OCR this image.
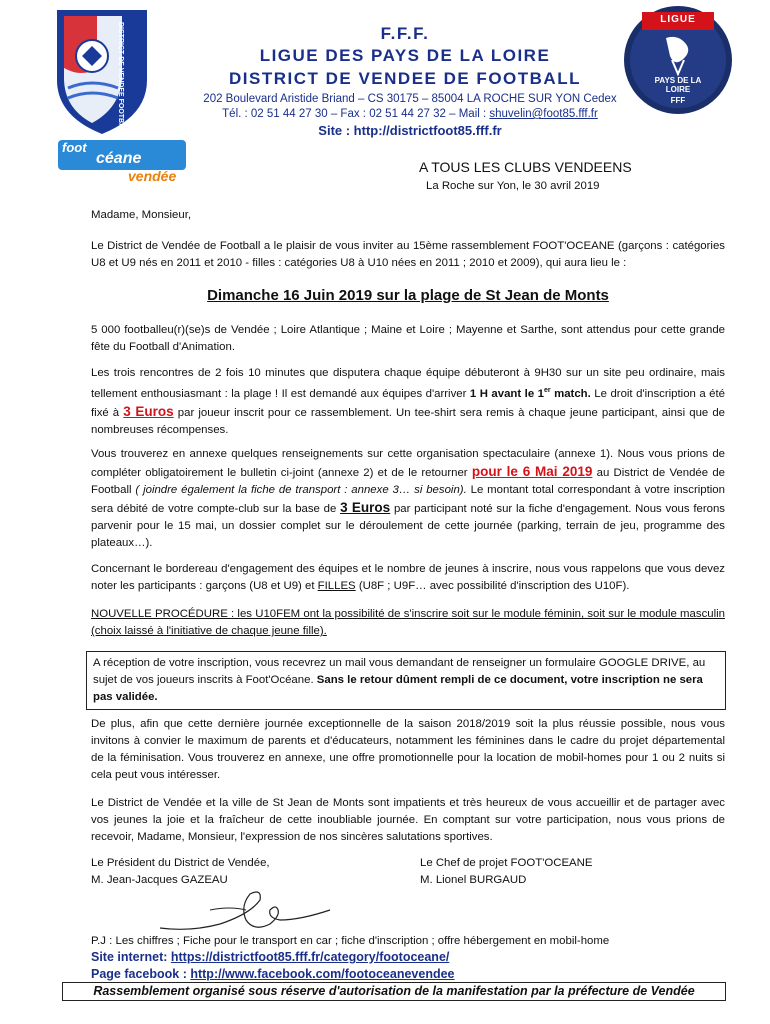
DISTRICT DE VENDEE FOOTBALL
LIGUE
PAYS DE LA LOIRE
FFF
foot
céane
vendée
F.F.F.
LIGUE DES PAYS DE LA LOIRE
DISTRICT DE VENDEE DE FOOTBALL
202 Boulevard Aristide Briand – CS 30175 – 85004 LA ROCHE SUR YON Cedex
Tél. : 02 51 44 27 30 – Fax : 02 51 44 27 32 – Mail : shuvelin@foot85.fff.fr
Site : http://districtfoot85.fff.fr
A TOUS LES CLUBS VENDEENS
La Roche sur Yon, le 30 avril 2019
Madame, Monsieur,

Le District de Vendée de Football a le plaisir de vous inviter au 15ème rassemblement FOOT'OCEANE (garçons : catégories U8 et U9 nés en 2011 et 2010 - filles : catégories U8 à U10 nées en 2011 ; 2010 et 2009), qui aura lieu le :

Dimanche 16 Juin 2019 sur la plage de St Jean de Monts

5 000 footballeu(r)(se)s de Vendée ; Loire Atlantique ; Maine et Loire ; Mayenne et Sarthe, sont attendus pour cette grande fête du Football d'Animation.

Les trois rencontres de 2 fois 10 minutes que disputera chaque équipe débuteront à 9H30 sur un site peu ordinaire, mais tellement enthousiasmant : la plage ! Il est demandé aux équipes d'arriver 1 H avant le 1er match. Le droit d'inscription a été fixé à 3 Euros par joueur inscrit pour ce rassemblement. Un tee-shirt sera remis à chaque jeune participant, ainsi que de nombreuses récompenses.

Vous trouverez en annexe quelques renseignements sur cette organisation spectaculaire (annexe 1). Nous vous prions de compléter obligatoirement le bulletin ci-joint (annexe 2) et de le retourner pour le 6 Mai 2019 au District de Vendée de Football ( joindre également la fiche de transport : annexe 3… si besoin). Le montant total correspondant à votre inscription sera débité de votre compte-club sur la base de 3 Euros par participant noté sur la fiche d'engagement. Nous vous ferons parvenir pour le 15 mai, un dossier complet sur le déroulement de cette journée (parking, terrain de jeu, programme des plateaux…).

Concernant le bordereau d'engagement des équipes et le nombre de jeunes à inscrire, nous vous rappelons que vous devez noter les participants : garçons (U8 et U9) et FILLES (U8F ; U9F… avec possibilité d'inscription des U10F).

NOUVELLE PROCÉDURE : les U10FEM ont la possibilité de s'inscrire soit sur le module féminin, soit sur le module masculin (choix laissé à l'initiative de chaque jeune fille).

A réception de votre inscription, vous recevrez un mail vous demandant de renseigner un formulaire GOOGLE DRIVE, au sujet de vos joueurs inscrits à Foot'Océane. Sans le retour dûment rempli de ce document, votre inscription ne sera pas validée.

De plus, afin que cette dernière journée exceptionnelle de la saison 2018/2019 soit la plus réussie possible, nous vous invitons à convier le maximum de parents et d'éducateurs, notamment les féminines dans le cadre du projet départemental de la féminisation. Vous trouverez en annexe, une offre promotionnelle pour la location de mobil-homes pour 1 ou 2 nuits si cela peut vous intéresser.

Le District de Vendée et la ville de St Jean de Monts sont impatients et très heureux de vous accueillir et de partager avec vos jeunes la joie et la fraîcheur de cette inoubliable journée. En comptant sur votre participation, nous vous prions de recevoir, Madame, Monsieur, l'expression de nos sincères salutations sportives.

Le Président du District de Vendée,
M. Jean-Jacques GAZEAU
Le Chef de projet FOOT'OCEANE
M. Lionel BURGAUD
P.J : Les chiffres ; Fiche pour le transport en car ; fiche d'inscription ; offre hébergement en mobil-home
Site internet: https://districtfoot85.fff.fr/category/footoceane/
Page facebook : http://www.facebook.com/footoceanevendee
Rassemblement organisé sous réserve d'autorisation de la manifestation par la préfecture de Vendée
